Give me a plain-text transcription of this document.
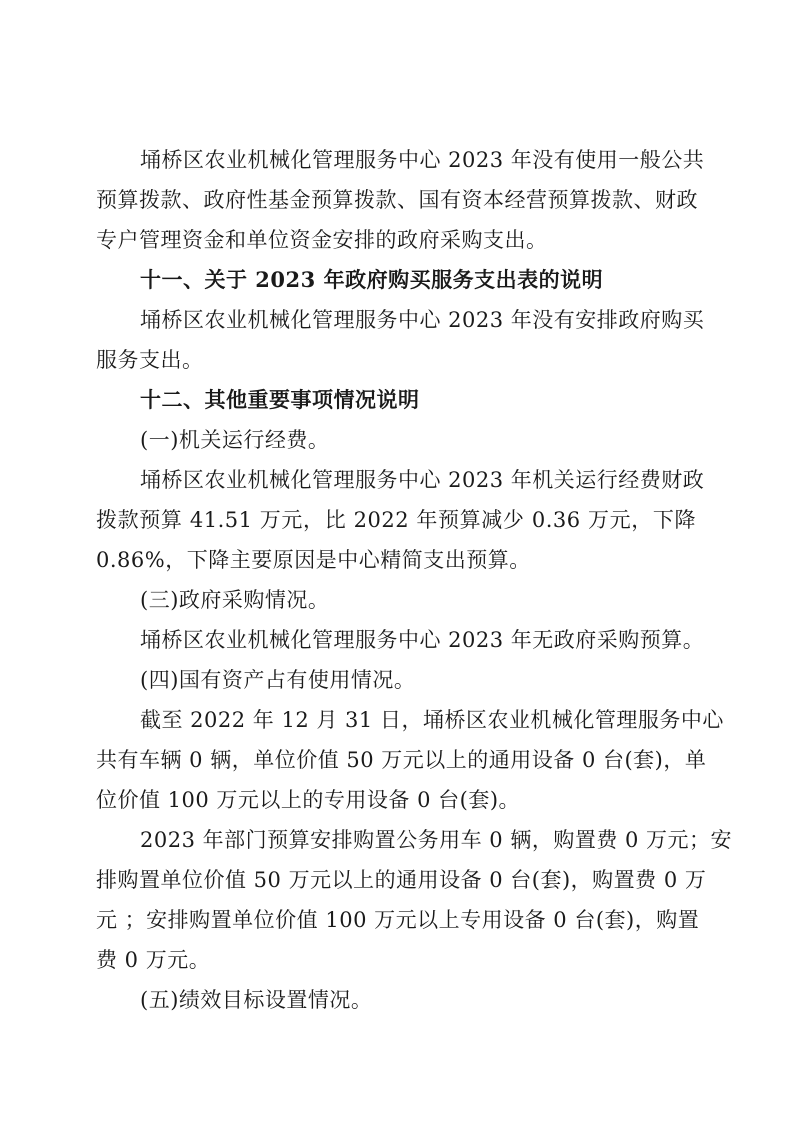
埇桥区农业机械化管理服务中心 2023 年没有使用一般公共
预算拨款、政府性基金预算拨款、国有资本经营预算拨款、财政
专户管理资金和单位资金安排的政府采购支出。
十一、关于 2023 年政府购买服务支出表的说明
埇桥区农业机械化管理服务中心 2023 年没有安排政府购买
服务支出。
十二、其他重要事项情况说明
(一)机关运行经费。
埇桥区农业机械化管理服务中心 2023 年机关运行经费财政
拨款预算 41.51 万元，比 2022 年预算减少 0.36 万元，下降
0.86%，下降主要原因是中心精简支出预算。
(三)政府采购情况。
埇桥区农业机械化管理服务中心 2023 年无政府采购预算。
(四)国有资产占有使用情况。
截至 2022 年 12 月 31 日，埇桥区农业机械化管理服务中心
共有车辆 0 辆，单位价值 50 万元以上的通用设备 0 台(套)，单
位价值 100 万元以上的专用设备 0 台(套)。
2023 年部门预算安排购置公务用车 0 辆，购置费 0 万元；安
排购置单位价值 50 万元以上的通用设备 0 台(套)，购置费 0 万
元 ；安排购置单位价值 100 万元以上专用设备 0 台(套)，购置
费 0 万元。
(五)绩效目标设置情况。
